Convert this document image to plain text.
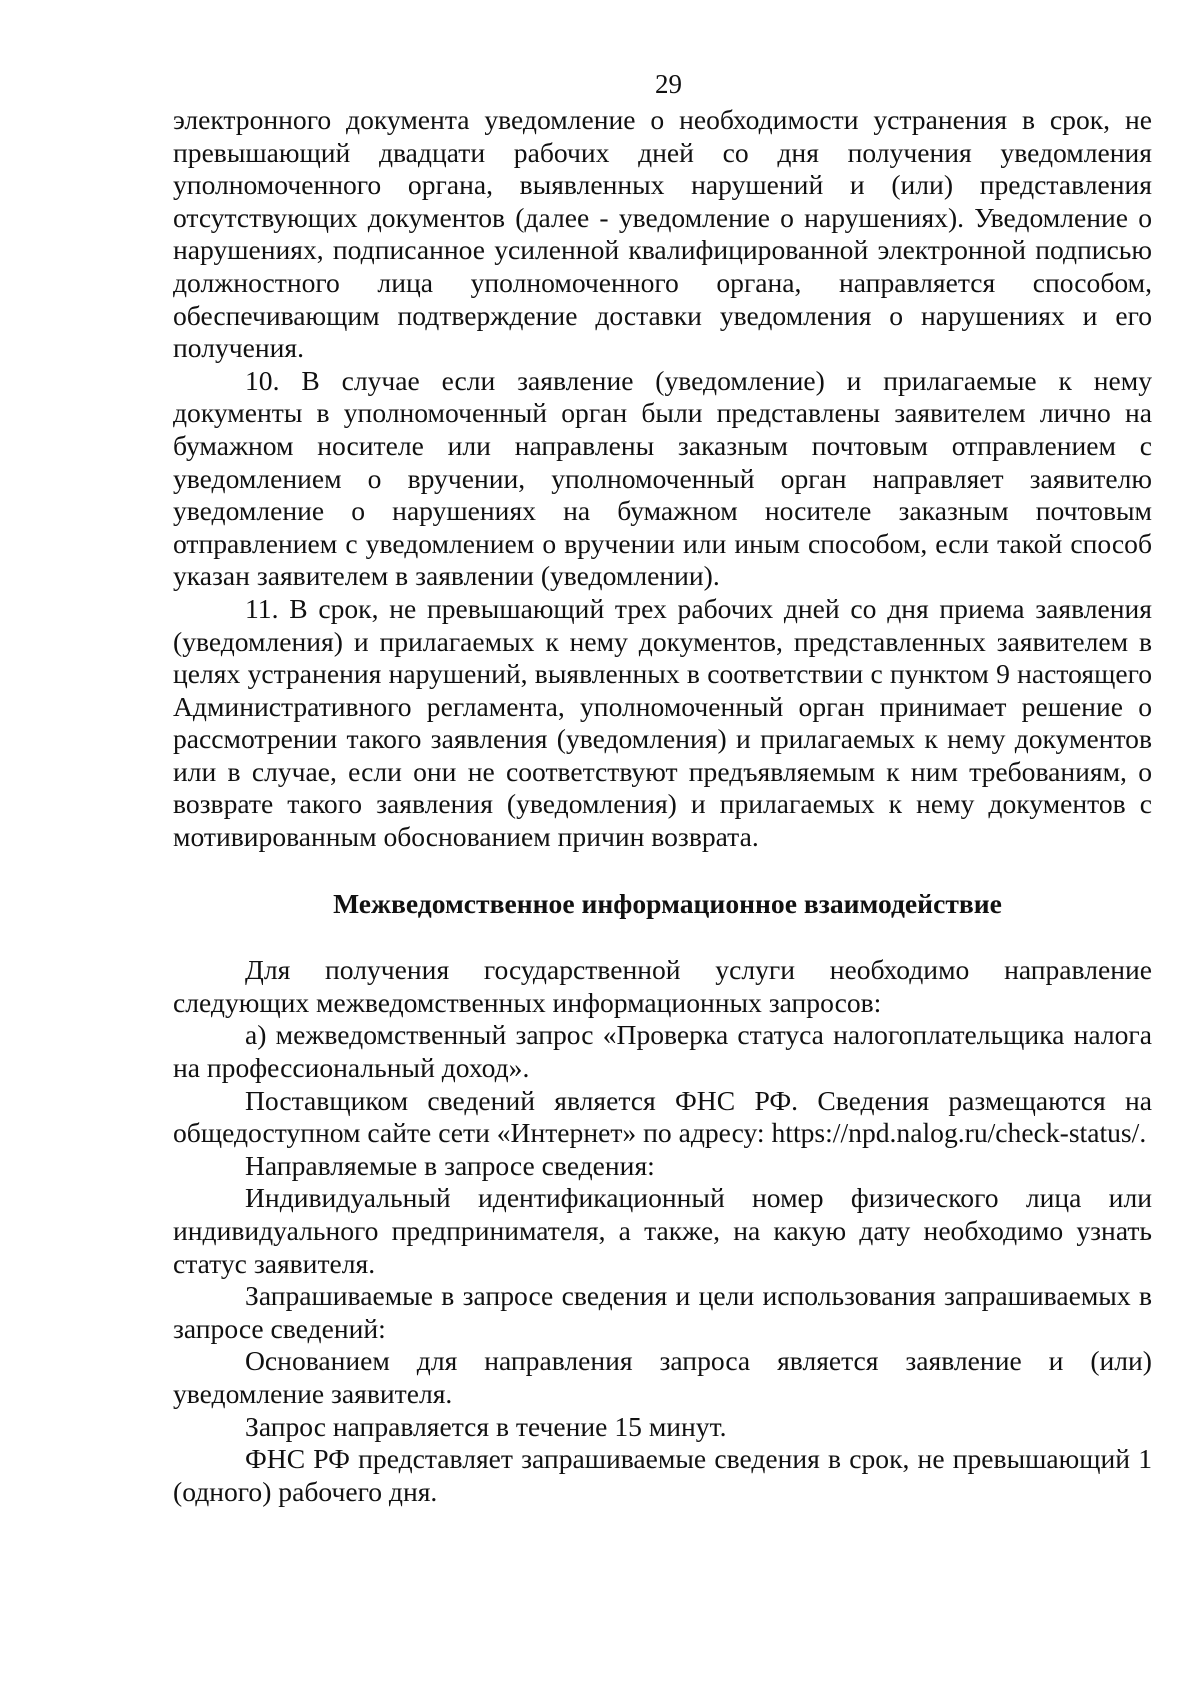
29

электронного документа уведомление о необходимости устранения в срок, не превышающий двадцати рабочих дней со дня получения уведомления уполномоченного органа, выявленных нарушений и (или) представления отсутствующих документов (далее - уведомление о нарушениях). Уведомление о нарушениях, подписанное усиленной квалифицированной электронной подписью должностного лица уполномоченного органа, направляется способом, обеспечивающим подтверждение доставки уведомления о нарушениях и его получения.

10. В случае если заявление (уведомление) и прилагаемые к нему документы в уполномоченный орган были представлены заявителем лично на бумажном носителе или направлены заказным почтовым отправлением с уведомлением о вручении, уполномоченный орган направляет заявителю уведомление о нарушениях на бумажном носителе заказным почтовым отправлением с уведомлением о вручении или иным способом, если такой способ указан заявителем в заявлении (уведомлении).

11. В срок, не превышающий трех рабочих дней со дня приема заявления (уведомления) и прилагаемых к нему документов, представленных заявителем в целях устранения нарушений, выявленных в соответствии с пунктом 9 настоящего Административного регламента, уполномоченный орган принимает решение о рассмотрении такого заявления (уведомления) и прилагаемых к нему документов или в случае, если они не соответствуют предъявляемым к ним требованиям, о возврате такого заявления (уведомления) и прилагаемых к нему документов с мотивированным обоснованием причин возврата.

Межведомственное информационное взаимодействие

Для получения государственной услуги необходимо направление следующих межведомственных информационных запросов:

а) межведомственный запрос «Проверка статуса налогоплательщика налога на профессиональный доход».

Поставщиком сведений является ФНС РФ. Сведения размещаются на общедоступном сайте сети «Интернет» по адресу: https://npd.nalog.ru/check-status/.

Направляемые в запросе сведения:

Индивидуальный идентификационный номер физического лица или индивидуального предпринимателя, а также, на какую дату необходимо узнать статус заявителя.

Запрашиваемые в запросе сведения и цели использования запрашиваемых в запросе сведений:

Основанием для направления запроса является заявление и (или) уведомление заявителя.

Запрос направляется в течение 15 минут.

ФНС РФ представляет запрашиваемые сведения в срок, не превышающий 1 (одного) рабочего дня.
